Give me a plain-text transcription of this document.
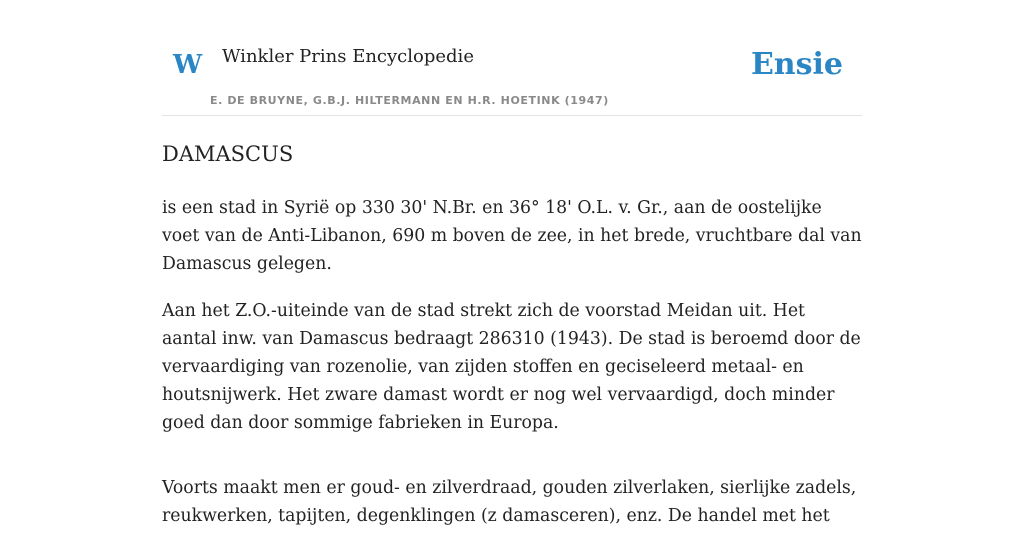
W Winkler Prins Encyclopedie
E. DE BRUYNE, G.B.J. HILTERMANN EN H.R. HOETINK (1947)
Ensie
DAMASCUS

is een stad in Syrië op 330 30' N.Br. en 36° 18' O.L. v. Gr., aan de oostelijke voet van de Anti-Libanon, 690 m boven de zee, in het brede, vruchtbare dal van Damascus gelegen.

Aan het Z.O.-uiteinde van de stad strekt zich de voorstad Meidan uit. Het aantal inw. van Damascus bedraagt 286310 (1943). De stad is beroemd door de vervaardiging van rozenolie, van zijden stoffen en geciseleerd metaal- en houtsnijwerk. Het zware damast wordt er nog wel vervaardigd, doch minder goed dan door sommige fabrieken in Europa.

Voorts maakt men er goud- en zilverdraad, gouden zilverlaken, sierlijke zadels, reukwerken, tapijten, degenklingen (z damasceren), enz. De handel met het
